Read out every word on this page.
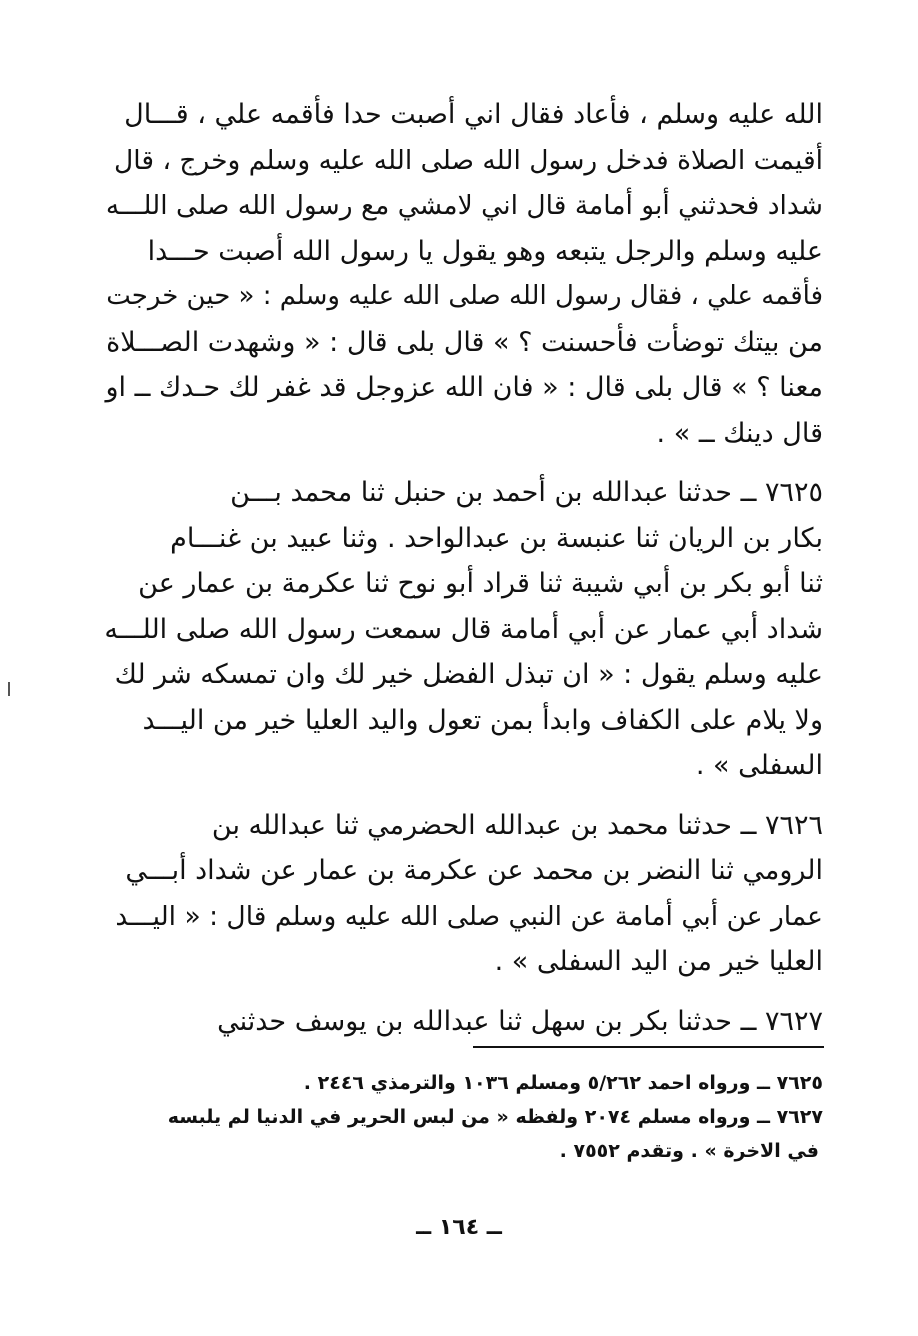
الله عليه وسلم ، فأعاد فقال اني أصبت حدا فأقمه علي ، قـــال
أقيمت الصلاة فدخل رسول الله صلى الله عليه وسلم وخرج ، قال
شداد فحدثني أبو أمامة قال اني لامشي مع رسول الله صلى اللـــه
عليه وسلم والرجل يتبعه وهو يقول يا رسول الله أصبت حـــدا
فأقمه علي ، فقال رسول الله صلى الله عليه وسلم : « حين خرجت
من بيتك توضأت فأحسنت ؟ » قال بلى قال : « وشهدت الصـــلاة
معنا ؟ » قال بلى قال : « فان الله عزوجل قد غفر لك حـدك ــ او
قال دينك ــ » .
٧٦٢٥ ــ حدثنا عبدالله بن أحمد بن حنبل ثنا محمد بـــن
بكار بن الريان ثنا عنبسة بن عبدالواحد . وثنا عبيد بن غنـــام
ثنا أبو بكر بن أبي شيبة ثنا قراد أبو نوح ثنا عكرمة بن عمار عن
شداد أبي عمار عن أبي أمامة قال سمعت رسول الله صلى اللـــه
عليه وسلم يقول : « ان تبذل الفضل خير لك وان تمسكه شر لك
ولا يلام على الكفاف وابدأ بمن تعول واليد العليا خير من اليـــد
السفلى » .
٧٦٢٦ ــ حدثنا محمد بن عبدالله الحضرمي ثنا عبدالله بن
الرومي ثنا النضر بن محمد عن عكرمة بن عمار عن شداد أبـــي
عمار عن أبي أمامة عن النبي صلى الله عليه وسلم قال : « اليـــد
العليا خير من اليد السفلى » .
٧٦٢٧ ــ حدثنا بكر بن سهل ثنا عبدالله بن يوسف حدثني
٧٦٢٥ ــ ورواه احمد ٥/٢٦٢ ومسلم ١٠٣٦ والترمذي ٢٤٤٦ .
٧٦٢٧ ــ ورواه مسلم ٢٠٧٤ ولفظه « من لبس الحرير في الدنيا لم يلبسه
في الاخرة » . وتقدم ٧٥٥٢ .
ــ ١٦٤ ــ
